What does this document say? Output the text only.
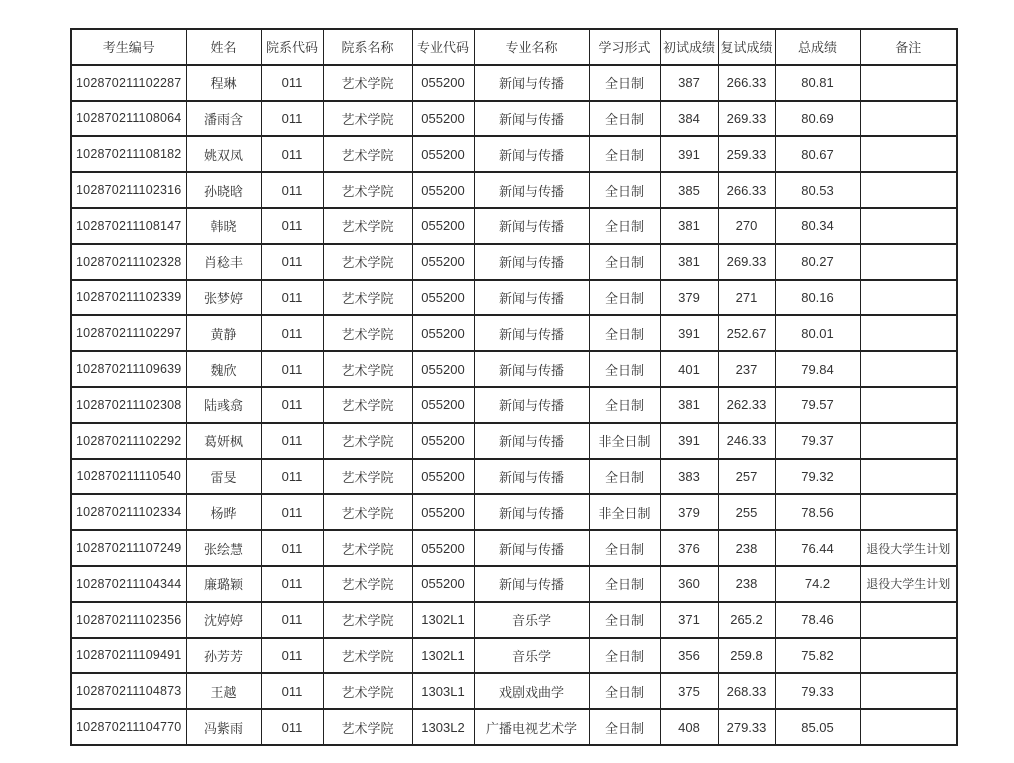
考生编号	姓名	院系代码	院系名称	专业代码	专业名称	学习形式	初试成绩	复试成绩	总成绩	备注
102870211102287	程琳	011	艺术学院	055200	新闻与传播	全日制	387	266.33	80.81	
102870211108064	潘雨含	011	艺术学院	055200	新闻与传播	全日制	384	269.33	80.69	
102870211108182	姚双凤	011	艺术学院	055200	新闻与传播	全日制	391	259.33	80.67	
102870211102316	孙晓晗	011	艺术学院	055200	新闻与传播	全日制	385	266.33	80.53	
102870211108147	韩晓	011	艺术学院	055200	新闻与传播	全日制	381	270	80.34	
102870211102328	肖稔丰	011	艺术学院	055200	新闻与传播	全日制	381	269.33	80.27	
102870211102339	张梦婷	011	艺术学院	055200	新闻与传播	全日制	379	271	80.16	
102870211102297	黄静	011	艺术学院	055200	新闻与传播	全日制	391	252.67	80.01	
102870211109639	魏欣	011	艺术学院	055200	新闻与传播	全日制	401	237	79.84	
102870211102308	陆彧翕	011	艺术学院	055200	新闻与传播	全日制	381	262.33	79.57	
102870211102292	葛妍枫	011	艺术学院	055200	新闻与传播	非全日制	391	246.33	79.37	
102870211110540	雷旻	011	艺术学院	055200	新闻与传播	全日制	383	257	79.32	
102870211102334	杨晔	011	艺术学院	055200	新闻与传播	非全日制	379	255	78.56	
102870211107249	张绘慧	011	艺术学院	055200	新闻与传播	全日制	376	238	76.44	退役大学生计划
102870211104344	廉璐颖	011	艺术学院	055200	新闻与传播	全日制	360	238	74.2	退役大学生计划
102870211102356	沈婷婷	011	艺术学院	1302L1	音乐学	全日制	371	265.2	78.46	
102870211109491	孙芳芳	011	艺术学院	1302L1	音乐学	全日制	356	259.8	75.82	
102870211104873	王越	011	艺术学院	1303L1	戏剧戏曲学	全日制	375	268.33	79.33	
102870211104770	冯紫雨	011	艺术学院	1303L2	广播电视艺术学	全日制	408	279.33	85.05	
